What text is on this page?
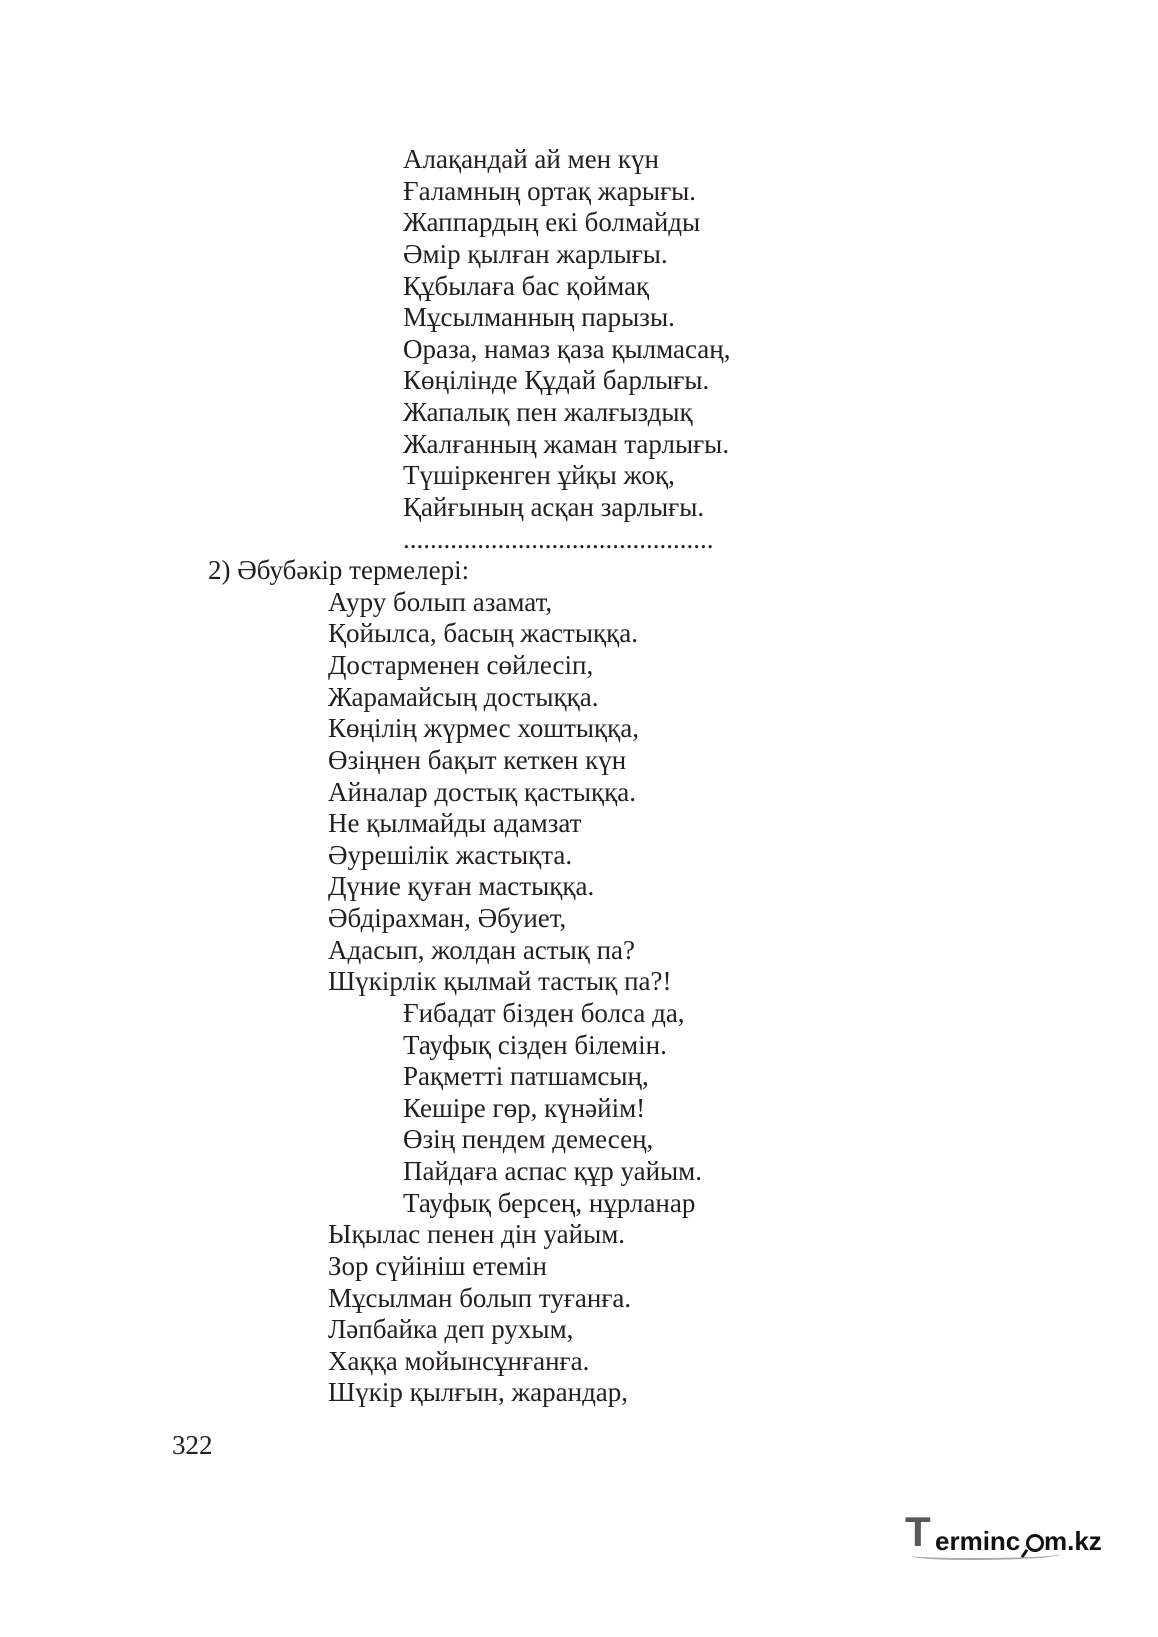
Алақандай ай мен күн
Ғаламның ортақ жарығы.
Жаппардың екі болмайды
Әмір қылған жарлығы.
Құбылаға бас қоймақ
Мұсылманның парызы.
Ораза, намаз қаза қылмасаң,
Көңілінде Құдай барлығы.
Жапалық пен жалғыздық
Жалғанның жаман тарлығы.
Түшіркенген ұйқы жоқ,
Қайғының асқан зарлығы.
..............................................
2) Әбубәкір термелері:
Ауру болып азамат,
Қойылса, басың жастыққа.
Достарменен сөйлесіп,
Жарамайсың достыққа.
Көңілің жүрмес хоштыққа,
Өзіңнен бақыт кеткен күн
Айналар достық қастыққа.
Не қылмайды адамзат
Әурешілік жастықта.
Дүние қуған мастыққа.
Әбдірахман, Әбуиет,
Адасып, жолдан астық па?
Шүкірлік қылмай тастық па?!
Ғибадат бізден болса да,
Тауфық сізден білемін.
Рақметті патшамсың,
Кешіре гөр, күнәйім!
Өзің пендем демесең,
Пайдаға аспас құр уайым.
Тауфық берсең, нұрланар
Ықылас пенен дін уайым.
Зор сүйініш етемін
Мұсылман болып туғанға.
Ләпбайка деп рухым,
Хаққа мойынсұнғанға.
Шүкір қылғын, жарандар,
322
T erminc m.kz
